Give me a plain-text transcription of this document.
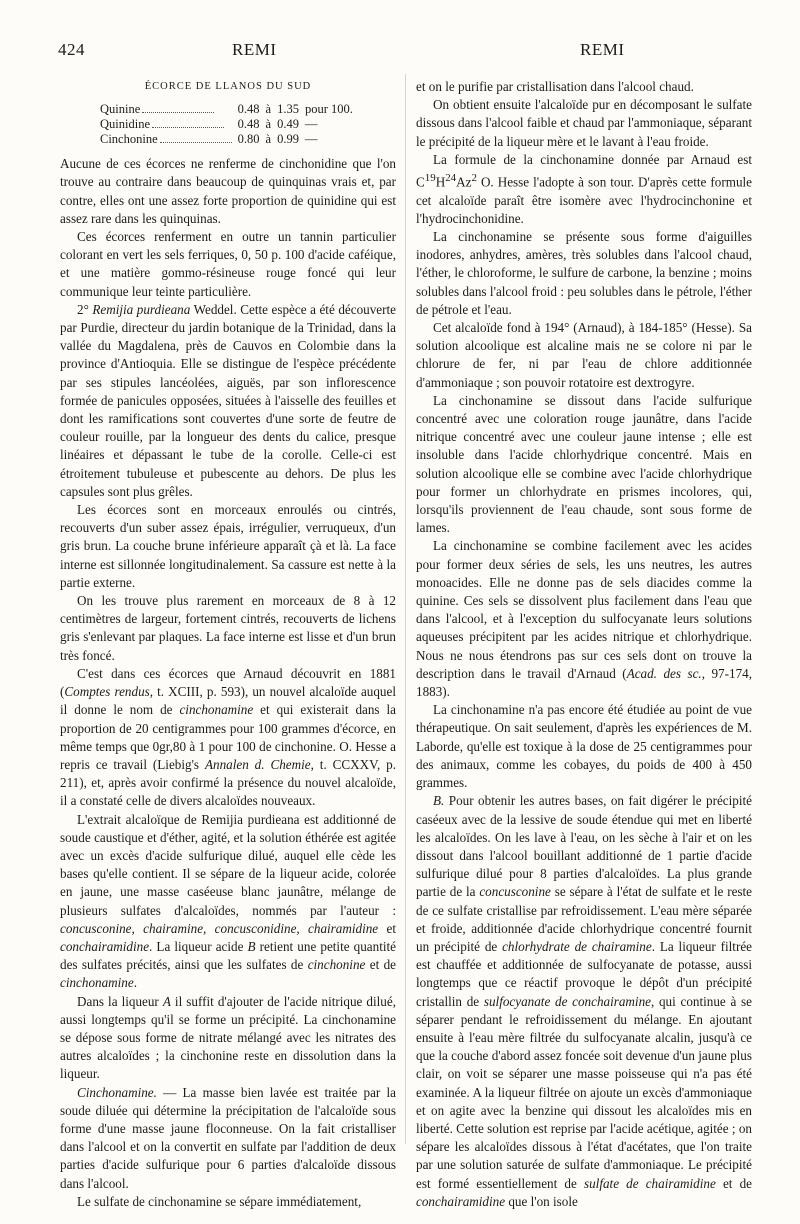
424	REMI	REMI
ÉCORCE DE LLANOS DU SUD
Quinine	0.48	à	1.35	pour 100.
Quinidine	0.48	à	0.49	—
Cinchonine	0.80	à	0.99	—

Aucune de ces écorces ne renferme de cinchonidine que l'on trouve au contraire dans beaucoup de quinquinas vrais et, par contre, elles ont une assez forte proportion de quinidine qui est assez rare dans les quinquinas.

Ces écorces renferment en outre un tannin particulier colorant en vert les sels ferriques, 0, 50 p. 100 d'acide caféique, et une matière gommo-résineuse rouge foncé qui leur communique leur teinte particulière.

2° Remijia purdieana Weddel. Cette espèce a été découverte par Purdie, directeur du jardin botanique de la Trinidad, dans la vallée du Magdalena, près de Cauvos en Colombie dans la province d'Antioquia. Elle se distingue de l'espèce précédente par ses stipules lancéolées, aiguës, par son inflorescence formée de panicules opposées, situées à l'aisselle des feuilles et dont les ramifications sont couvertes d'une sorte de feutre de couleur rouille, par la longueur des dents du calice, presque linéaires et dépassant le tube de la corolle. Celle-ci est étroitement tubuleuse et pubescente au dehors. De plus les capsules sont plus grêles.

Les écorces sont en morceaux enroulés ou cintrés, recouverts d'un suber assez épais, irrégulier, verruqueux, d'un gris brun. La couche brune inférieure apparaît çà et là. La face interne est sillonnée longitudinalement. Sa cassure est nette à la partie externe.

On les trouve plus rarement en morceaux de 8 à 12 centimètres de largeur, fortement cintrés, recouverts de lichens gris s'enlevant par plaques. La face interne est lisse et d'un brun très foncé.

C'est dans ces écorces que Arnaud découvrit en 1881 (Comptes rendus, t. XCIII, p. 593), un nouvel alcaloïde auquel il donne le nom de cinchonamine et qui existerait dans la proportion de 20 centigrammes pour 100 grammes d'écorce, en même temps que 0gr,80 à 1 pour 100 de cinchonine. O. Hesse a repris ce travail (Liebig's Annalen d. Chemie, t. CCXXV, p. 211), et, après avoir confirmé la présence du nouvel alcaloïde, il a constaté celle de divers alcaloïdes nouveaux.

L'extrait alcaloïque de Remijia purdieana est additionné de soude caustique et d'éther, agité, et la solution éthérée est agitée avec un excès d'acide sulfurique dilué, auquel elle cède les bases qu'elle contient. Il se sépare de la liqueur acide, colorée en jaune, une masse caséeuse blanc jaunâtre, mélange de plusieurs sulfates d'alcaloïdes, nommés par l'auteur : concusconine, chairamine, concusconidine, chairamidine et conchairamidine. La liqueur acide B retient une petite quantité des sulfates précités, ainsi que les sulfates de cinchonine et de cinchonamine.

Dans la liqueur A il suffit d'ajouter de l'acide nitrique dilué, aussi longtemps qu'il se forme un précipité. La cinchonamine se dépose sous forme de nitrate mélangé avec les nitrates des autres alcaloïdes ; la cinchonine reste en dissolution dans la liqueur.

Cinchonamine. — La masse bien lavée est traitée par la soude diluée qui détermine la précipitation de l'alcaloïde sous forme d'une masse jaune floconneuse. On la fait cristalliser dans l'alcool et on la convertit en sulfate par l'addition de deux parties d'acide sulfurique pour 6 parties d'alcaloïde dissous dans l'alcool.

Le sulfate de cinchonamine se sépare immédiatement,

et on le purifie par cristallisation dans l'alcool chaud.

On obtient ensuite l'alcaloïde pur en décomposant le sulfate dissous dans l'alcool faible et chaud par l'ammoniaque, séparant le précipité de la liqueur mère et le lavant à l'eau froide.

La formule de la cinchonamine donnée par Arnaud est $C^{19}H^{24}Az^2$ O. Hesse l'adopte à son tour. D'après cette formule cet alcaloïde paraît être isomère avec l'hydrocinchonine et l'hydrocinchonidine.

La cinchonamine se présente sous forme d'aiguilles inodores, anhydres, amères, très solubles dans l'alcool chaud, l'éther, le chloroforme, le sulfure de carbone, la benzine ; moins solubles dans l'alcool froid : peu solubles dans le pétrole, l'éther de pétrole et l'eau.

Cet alcaloïde fond à 194° (Arnaud), à 184-185° (Hesse). Sa solution alcoolique est alcaline mais ne se colore ni par le chlorure de fer, ni par l'eau de chlore additionnée d'ammoniaque ; son pouvoir rotatoire est dextrogyre.

La cinchonamine se dissout dans l'acide sulfurique concentré avec une coloration rouge jaunâtre, dans l'acide nitrique concentré avec une couleur jaune intense ; elle est insoluble dans l'acide chlorhydrique concentré. Mais en solution alcoolique elle se combine avec l'acide chlorhydrique pour former un chlorhydrate en prismes incolores, qui, lorsqu'ils proviennent de l'eau chaude, sont sous forme de lames.

La cinchonamine se combine facilement avec les acides pour former deux séries de sels, les uns neutres, les autres monoacides. Elle ne donne pas de sels diacides comme la quinine. Ces sels se dissolvent plus facilement dans l'eau que dans l'alcool, et à l'exception du sulfocyanate leurs solutions aqueuses précipitent par les acides nitrique et chlorhydrique. Nous ne nous étendrons pas sur ces sels dont on trouve la description dans le travail d'Arnaud (Acad. des sc., 97-174, 1883).

La cinchonamine n'a pas encore été étudiée au point de vue thérapeutique. On sait seulement, d'après les expériences de M. Laborde, qu'elle est toxique à la dose de 25 centigrammes pour des animaux, comme les cobayes, du poids de 400 à 450 grammes.

B. Pour obtenir les autres bases, on fait digérer le précipité caséeux avec de la lessive de soude étendue qui met en liberté les alcaloïdes. On les lave à l'eau, on les sèche à l'air et on les dissout dans l'alcool bouillant additionné de 1 partie d'acide sulfurique dilué pour 8 parties d'alcaloïdes. La plus grande partie de la concusconine se sépare à l'état de sulfate et le reste de ce sulfate cristallise par refroidissement. L'eau mère séparée et froide, additionnée d'acide chlorhydrique concentré fournit un précipité de chlorhydrate de chairamine. La liqueur filtrée est chauffée et additionnée de sulfocyanate de potasse, aussi longtemps que ce réactif provoque le dépôt d'un précipité cristallin de sulfocyanate de conchairamine, qui continue à se séparer pendant le refroidissement du mélange. En ajoutant ensuite à l'eau mère filtrée du sulfocyanate alcalin, jusqu'à ce que la couche d'abord assez foncée soit devenue d'un jaune plus clair, on voit se séparer une masse poisseuse qui n'a pas été examinée. A la liqueur filtrée on ajoute un excès d'ammoniaque et on agite avec la benzine qui dissout les alcaloïdes mis en liberté. Cette solution est reprise par l'acide acétique, agitée ; on sépare les alcaloïdes dissous à l'état d'acétates, que l'on traite par une solution saturée de sulfate d'ammoniaque. Le précipité est formé essentiellement de sulfate de chairamidine et de conchairamidine que l'on isole
